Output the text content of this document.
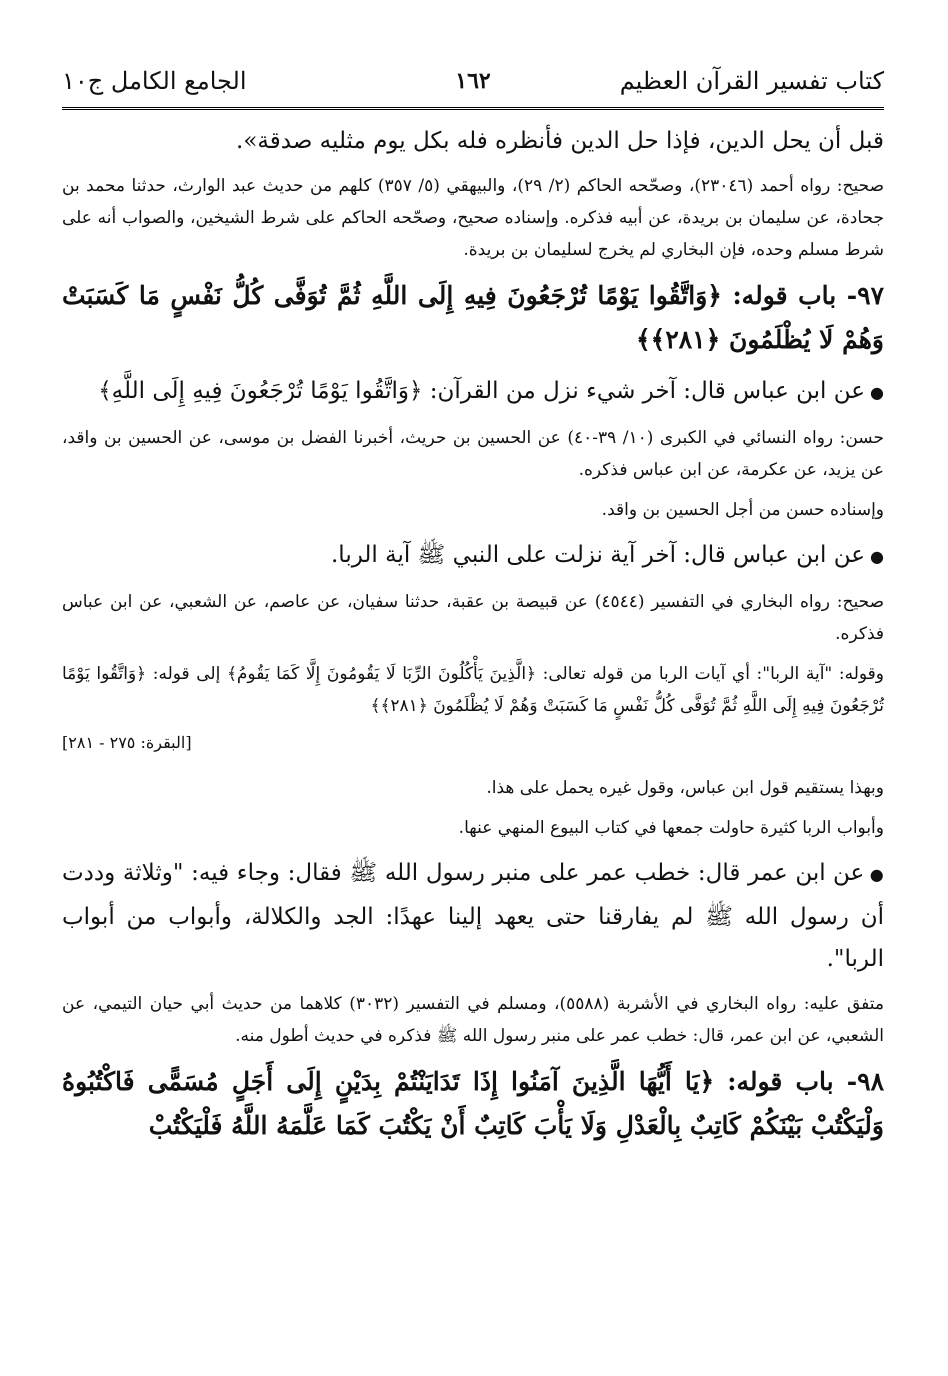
كتاب تفسير القرآن العظيم
١٦٢
الجامع الكامل ج١٠

قبل أن يحل الدين، فإذا حل الدين فأنظره فله بكل يوم مثليه صدقة».

صحيح: رواه أحمد (٢٣٠٤٦)، وصحّحه الحاكم (٢/ ٢٩)، والبيهقي (٥/ ٣٥٧) كلهم من حديث عبد الوارث، حدثنا محمد بن جحادة، عن سليمان بن بريدة، عن أبيه فذكره. وإسناده صحيح، وصحّحه الحاكم على شرط الشيخين، والصواب أنه على شرط مسلم وحده، فإن البخاري لم يخرج لسليمان بن بريدة.

٩٧- باب قوله: ﴿وَاتَّقُوا يَوْمًا تُرْجَعُونَ فِيهِ إِلَى اللَّهِ ثُمَّ تُوَفَّى كُلُّ نَفْسٍ مَا كَسَبَتْ وَهُمْ لَا يُظْلَمُونَ ﴿٢٨١﴾﴾

● عن ابن عباس قال: آخر شيء نزل من القرآن: ﴿وَاتَّقُوا يَوْمًا تُرْجَعُونَ فِيهِ إِلَى اللَّهِ﴾

حسن: رواه النسائي في الكبرى (١٠/ ٣٩-٤٠) عن الحسين بن حريث، أخبرنا الفضل بن موسى، عن الحسين بن واقد، عن يزيد، عن عكرمة، عن ابن عباس فذكره.

وإسناده حسن من أجل الحسين بن واقد.

● عن ابن عباس قال: آخر آية نزلت على النبي ﷺ آية الربا.

صحيح: رواه البخاري في التفسير (٤٥٤٤) عن قبيصة بن عقبة، حدثنا سفيان، عن عاصم، عن الشعبي، عن ابن عباس فذكره.

وقوله: "آية الربا": أي آيات الربا من قوله تعالى: ﴿الَّذِينَ يَأْكُلُونَ الرِّبَا لَا يَقُومُونَ إِلَّا كَمَا يَقُومُ﴾ إلى قوله: ﴿وَاتَّقُوا يَوْمًا تُرْجَعُونَ فِيهِ إِلَى اللَّهِ ثُمَّ تُوَفَّى كُلُّ نَفْسٍ مَا كَسَبَتْ وَهُمْ لَا يُظْلَمُونَ ﴿٢٨١﴾﴾

[البقرة: ٢٧٥ - ٢٨١]

وبهذا يستقيم قول ابن عباس، وقول غيره يحمل على هذا.

وأبواب الربا كثيرة حاولت جمعها في كتاب البيوع المنهي عنها.

● عن ابن عمر قال: خطب عمر على منبر رسول الله ﷺ فقال: وجاء فيه: "وثلاثة وددت أن رسول الله ﷺ لم يفارقنا حتى يعهد إلينا عهدًا: الجد والكلالة، وأبواب من أبواب الربا".

متفق عليه: رواه البخاري في الأشربة (٥٥٨٨)، ومسلم في التفسير (٣٠٣٢) كلاهما من حديث أبي حيان التيمي، عن الشعبي، عن ابن عمر، قال: خطب عمر على منبر رسول الله ﷺ فذكره في حديث أطول منه.

٩٨- باب قوله: ﴿يَا أَيُّهَا الَّذِينَ آمَنُوا إِذَا تَدَايَنْتُمْ بِدَيْنٍ إِلَى أَجَلٍ مُسَمًّى فَاكْتُبُوهُ وَلْيَكْتُبْ بَيْنَكُمْ كَاتِبٌ بِالْعَدْلِ وَلَا يَأْبَ كَاتِبٌ أَنْ يَكْتُبَ كَمَا عَلَّمَهُ اللَّهُ فَلْيَكْتُبْ
